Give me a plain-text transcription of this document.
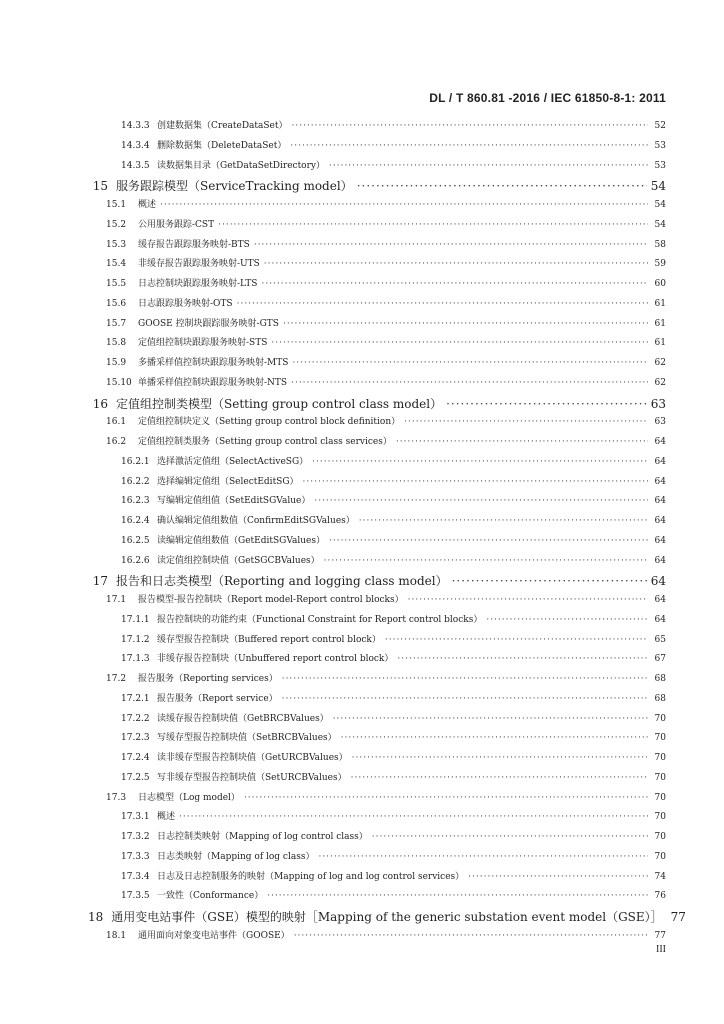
DL / T 860.81 -2016 / IEC 61850-8-1: 2011
14.3.3 创建数据集（CreateDataSet） ·····	52
14.3.4 删除数据集（DeleteDataSet） ·····	53
14.3.5 读数据集目录（GetDataSetDirectory） ·····	53
15 服务跟踪模型（ServiceTracking model） ·····	54
15.1	概述 ·····	54
15.2	公用服务跟踪-CST ·····	54
15.3	缓存报告跟踪服务映射-BTS ·····	58
15.4	非缓存报告跟踪服务映射-UTS ·····	59
15.5	日志控制块跟踪服务映射-LTS ·····	60
15.6	日志跟踪服务映射-OTS ·····	61
15.7	GOOSE 控制块跟踪服务映射-GTS ·····	61
15.8	定值组控制块跟踪服务映射-STS ·····	61
15.9	多播采样值控制块跟踪服务映射-MTS ·····	62
15.10 单播采样值控制块跟踪服务映射-NTS ·····	62
16 定值组控制类模型（Setting group control class model） ·····	63
16.1	定值组控制块定义（Setting group control block definition） ·····	63
16.2	定值组控制类服务（Setting group control class services） ·····	64
16.2.1 选择激活定值组（SelectActiveSG） ·····	64
16.2.2 选择编辑定值组（SelectEditSG） ·····	64
16.2.3 写编辑定值组值（SetEditSGValue） ·····	64
16.2.4 确认编辑定值组数值（ConfirmEditSGValues） ·····	64
16.2.5 读编辑定值组数值（GetEditSGValues） ·····	64
16.2.6 读定值组控制块值（GetSGCBValues） ·····	64
17 报告和日志类模型（Reporting and logging class model） ·····	64
17.1	报告模型-报告控制块（Report model-Report control blocks） ·····	64
17.1.1 报告控制块的功能约束（Functional Constraint for Report control blocks） ·····	64
17.1.2 缓存型报告控制块（Buffered report control block） ·····	65
17.1.3 非缓存报告控制块（Unbuffered report control block） ·····	67
17.2	报告服务（Reporting services） ·····	68
17.2.1 报告服务（Report service） ·····	68
17.2.2 读缓存报告控制块值（GetBRCBValues） ·····	70
17.2.3 写缓存型报告控制块值（SetBRCBValues） ·····	70
17.2.4 读非缓存型报告控制块值（GetURCBValues） ·····	70
17.2.5 写非缓存型报告控制块值（SetURCBValues） ·····	70
17.3	日志模型（Log model） ·····	70
17.3.1 概述 ·····	70
17.3.2 日志控制类映射（Mapping of log control class） ·····	70
17.3.3 日志类映射（Mapping of log class） ·····	70
17.3.4 日志及日志控制服务的映射（Mapping of log and log control services） ·····	74
17.3.5 一致性（Conformance） ·····	76
18 通用变电站事件（GSE）模型的映射［Mapping of the generic substation event model（GSE）］ 77
18.1	通用面向对象变电站事件（GOOSE） ·····	77
III
